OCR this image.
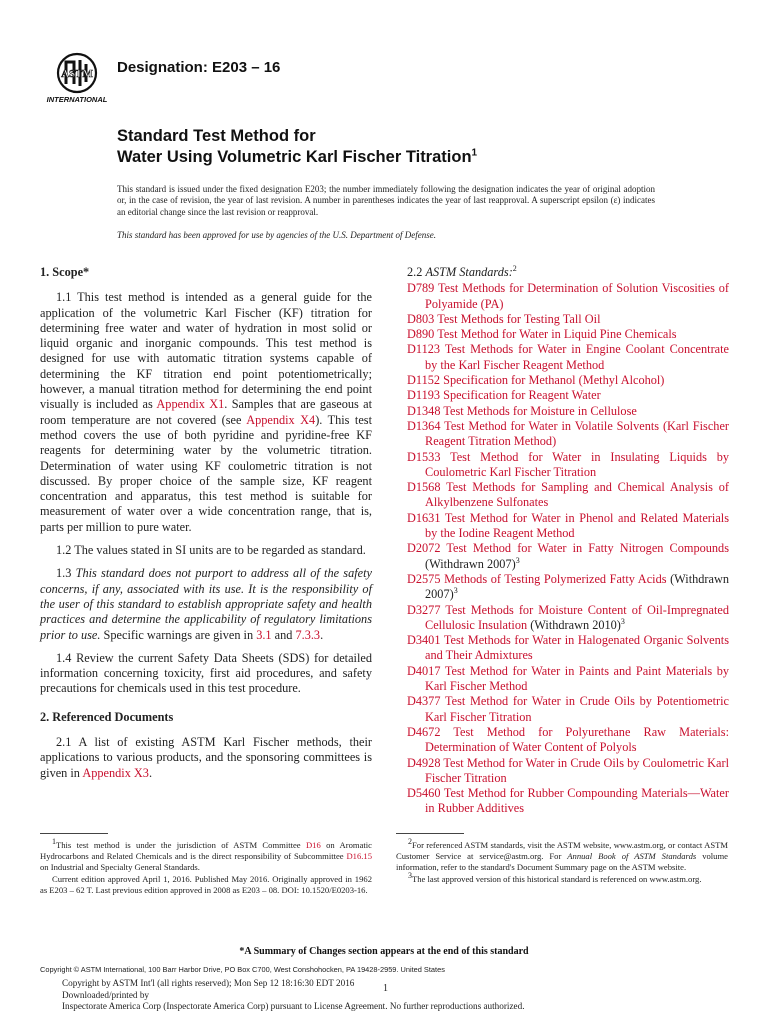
ASTM
INTERNATIONAL
Designation: E203 – 16
Standard Test Method for
Water Using Volumetric Karl Fischer Titration$^1$
This standard is issued under the fixed designation E203; the number immediately following the designation indicates the year of original adoption or, in the case of revision, the year of last revision. A number in parentheses indicates the year of last reapproval. A superscript epsilon (ε) indicates an editorial change since the last revision or reapproval.
This standard has been approved for use by agencies of the U.S. Department of Defense.
1. Scope*

1.1 This test method is intended as a general guide for the application of the volumetric Karl Fischer (KF) titration for determining free water and water of hydration in most solid or liquid organic and inorganic compounds. This test method is designed for use with automatic titration systems capable of determining the KF titration end point potentiometrically; however, a manual titration method for determining the end point visually is included as Appendix X1. Samples that are gaseous at room temperature are not covered (see Appendix X4). This test method covers the use of both pyridine and pyridine-free KF reagents for determining water by the volumetric titration. Determination of water using KF coulometric titration is not discussed. By proper choice of the sample size, KF reagent concentration and apparatus, this test method is suitable for measurement of water over a wide concentration range, that is, parts per million to pure water.

1.2 The values stated in SI units are to be regarded as standard.

1.3 This standard does not purport to address all of the safety concerns, if any, associated with its use. It is the responsibility of the user of this standard to establish appropriate safety and health practices and determine the applicability of regulatory limitations prior to use. Specific warnings are given in 3.1 and 7.3.3.

1.4 Review the current Safety Data Sheets (SDS) for detailed information concerning toxicity, first aid procedures, and safety precautions for chemicals used in this test procedure.

2. Referenced Documents

2.1 A list of existing ASTM Karl Fischer methods, their applications to various products, and the sponsoring committees is given in Appendix X3.

2.2 ASTM Standards:$^2$

D789 Test Methods for Determination of Solution Viscosities of Polyamide (PA)

D803 Test Methods for Testing Tall Oil

D890 Test Method for Water in Liquid Pine Chemicals

D1123 Test Methods for Water in Engine Coolant Concentrate by the Karl Fischer Reagent Method

D1152 Specification for Methanol (Methyl Alcohol)

D1193 Specification for Reagent Water

D1348 Test Methods for Moisture in Cellulose

D1364 Test Method for Water in Volatile Solvents (Karl Fischer Reagent Titration Method)

D1533 Test Method for Water in Insulating Liquids by Coulometric Karl Fischer Titration

D1568 Test Methods for Sampling and Chemical Analysis of Alkylbenzene Sulfonates

D1631 Test Method for Water in Phenol and Related Materials by the Iodine Reagent Method

D2072 Test Method for Water in Fatty Nitrogen Compounds (Withdrawn 2007)$^3$

D2575 Methods of Testing Polymerized Fatty Acids (Withdrawn 2007)$^3$

D3277 Test Methods for Moisture Content of Oil-Impregnated Cellulosic Insulation (Withdrawn 2010)$^3$

D3401 Test Methods for Water in Halogenated Organic Solvents and Their Admixtures

D4017 Test Method for Water in Paints and Paint Materials by Karl Fischer Method

D4377 Test Method for Water in Crude Oils by Potentiometric Karl Fischer Titration

D4672 Test Method for Polyurethane Raw Materials: Determination of Water Content of Polyols

D4928 Test Method for Water in Crude Oils by Coulometric Karl Fischer Titration

D5460 Test Method for Rubber Compounding Materials—Water in Rubber Additives

$^1$This test method is under the jurisdiction of ASTM Committee D16 on Aromatic Hydrocarbons and Related Chemicals and is the direct responsibility of Subcommittee D16.15 on Industrial and Specialty General Standards.

Current edition approved April 1, 2016. Published May 2016. Originally approved in 1962 as E203 – 62 T. Last previous edition approved in 2008 as E203 – 08. DOI: 10.1520/E0203-16.

$^2$For referenced ASTM standards, visit the ASTM website, www.astm.org, or contact ASTM Customer Service at service@astm.org. For Annual Book of ASTM Standards volume information, refer to the standard's Document Summary page on the ASTM website.

$^3$The last approved version of this historical standard is referenced on www.astm.org.

*A Summary of Changes section appears at the end of this standard
Copyright © ASTM International, 100 Barr Harbor Drive, PO Box C700, West Conshohocken, PA 19428-2959. United States
Copyright by ASTM Int'l (all rights reserved); Mon Sep 12 18:16:30 EDT 2016
Downloaded/printed by
Inspectorate America Corp (Inspectorate America Corp) pursuant to License Agreement. No further reproductions authorized.
1
